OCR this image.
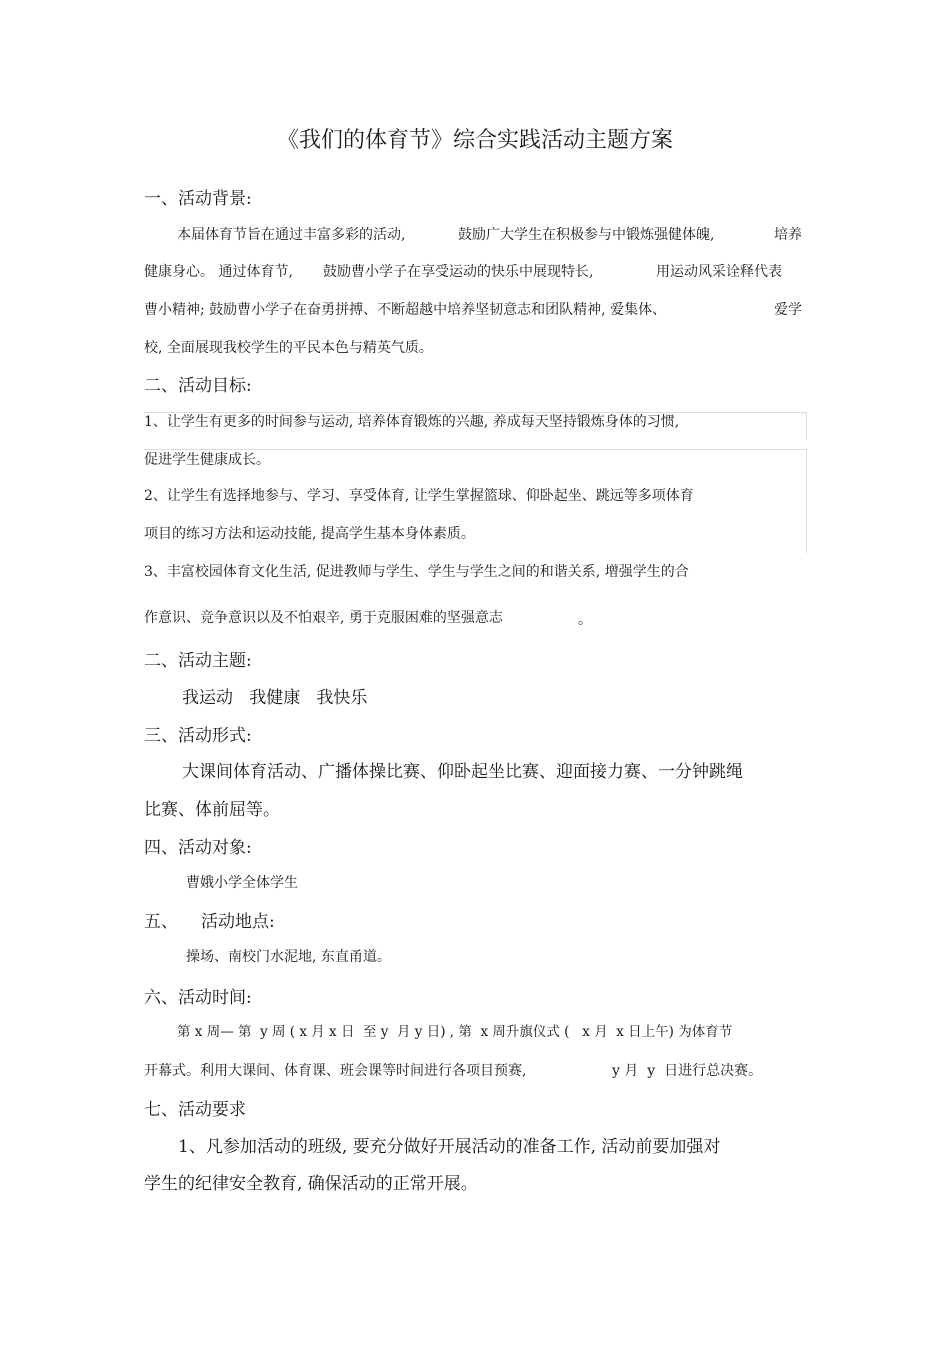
《我们的体育节》综合实践活动主题方案
一、活动背景:
本届体育节旨在通过丰富多彩的活动,	鼓励广大学生在积极参与中锻炼强健体魄,	培养
健康身心。 通过体育节, 鼓励曹小学子在享受运动的快乐中展现特长,	用运动风采诠释代表
曹小精神; 鼓励曹小学子在奋勇拼搏、不断超越中培养坚韧意志和团队精神, 爱集体、	爱学
校, 全面展现我校学生的平民本色与精英气质。
二、活动目标:
1、让学生有更多的时间参与运动, 培养体育锻炼的兴趣, 养成每天坚持锻炼身体的习惯,
促进学生健康成长。
2、让学生有选择地参与、学习、享受体育, 让学生掌握篮球、仰卧起坐、跳远等多项体育
项目的练习方法和运动技能, 提高学生基本身体素质。
3、丰富校园体育文化生活, 促进教师与学生、学生与学生之间的和谐关系, 增强学生的合
作意识、竞争意识以及不怕艰辛, 勇于克服困难的坚强意志	。
二、活动主题:
我运动   我健康   我快乐
三、活动形式:
大课间体育活动、广播体操比赛、仰卧起坐比赛、迎面接力赛、一分钟跳绳
比赛、体前屈等。
四、活动对象:
曹娥小学全体学生
五、 活动地点:
操场、南校门水泥地, 东直甬道。
六、活动时间:
第 x 周— 第  y 周 ( x 月 x 日  至 y  月 y 日) , 第  x 周升旗仪式 (   x 月  x 日上午) 为体育节
开幕式。利用大课间、体育课、班会课等时间进行各项目预赛,	y 月  y  日进行总决赛。
七、活动要求
1、凡参加活动的班级, 要充分做好开展活动的准备工作, 活动前要加强对
学生的纪律安全教育, 确保活动的正常开展。
